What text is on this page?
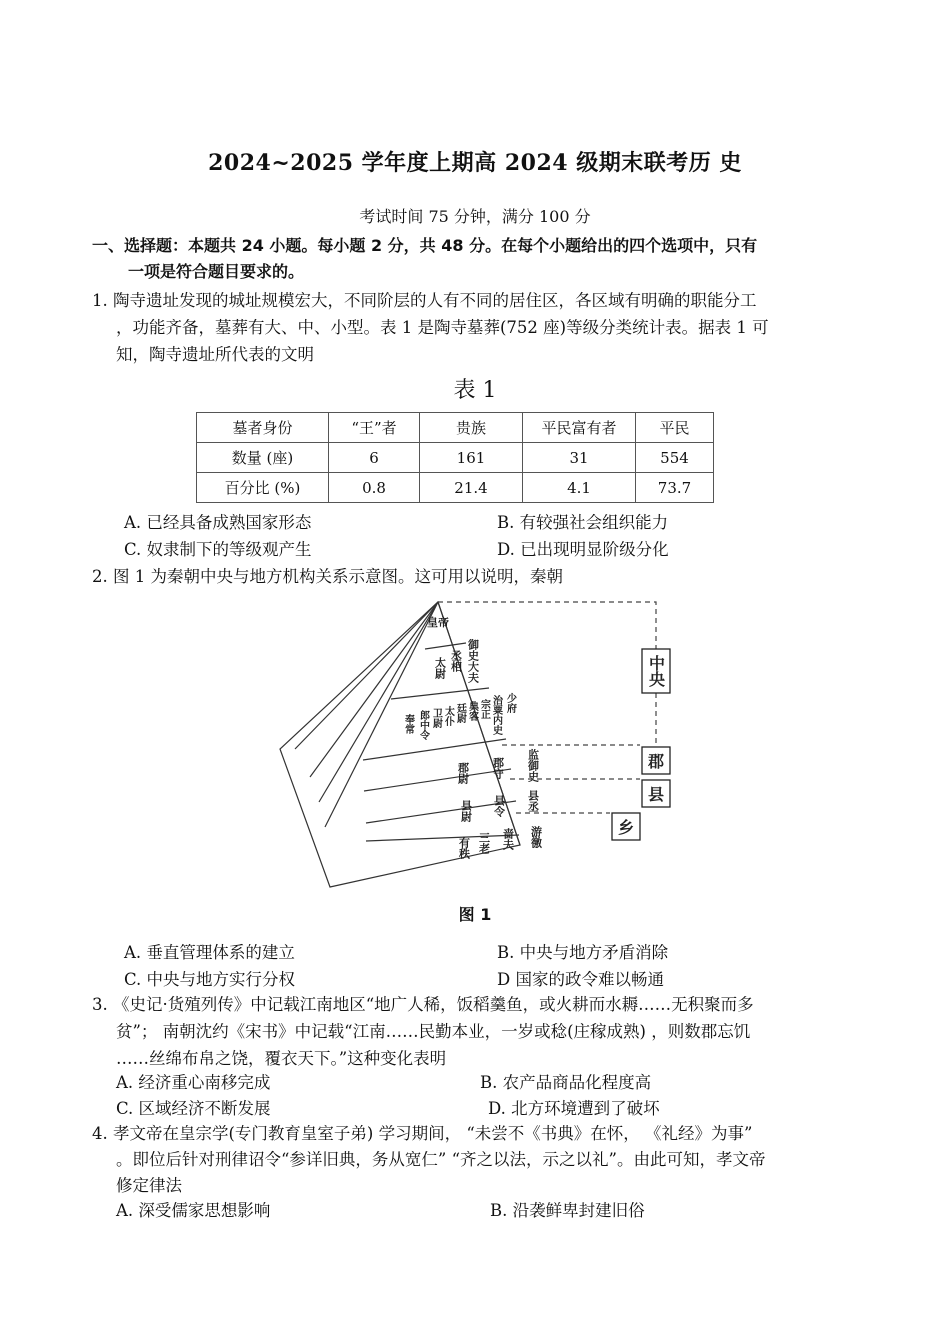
2024~2025 学年度上期高 2024 级期末联考历 史
考试时间 75 分钟，满分 100 分
一、选择题：本题共 24 小题。每小题 2 分，共 48 分。在每个小题给出的四个选项中，只有
一项是符合题目要求的。
1. 陶寺遗址发现的城址规模宏大，不同阶层的人有不同的居住区，各区域有明确的职能分工
，功能齐备，墓葬有大、中、小型。表 1 是陶寺墓葬(752 座)等级分类统计表。据表 1 可
知，陶寺遗址所代表的文明
表 1
墓者身份	“王”者	贵族	平民富有者	平民
数量 (座)	6	161	31	554
百分比 (%)	0.8	21.4	4.1	73.7
A. 已经具备成熟国家形态	B. 有较强社会组织能力
C. 奴隶制下的等级观产生	D. 已出现明显阶级分化
2. 图 1 为秦朝中央与地方机构关系示意图。这可用以说明，秦朝
皇帝
太尉 丞相 御史大夫
奉常 郎中令 卫尉 太仆 廷尉 典客 宗正 治粟内史 少府
郡尉 郡守 监御史
县尉 县令 县丞
有秩 三老 啬夫 游徼
中央
郡
县
乡
图 1
A. 垂直管理体系的建立	B. 中央与地方矛盾消除
C. 中央与地方实行分权	D 国家的政令难以畅通
3. 《史记·货殖列传》中记载江南地区“地广人稀，饭稻羹鱼，或火耕而水耨……无积聚而多
贫”； 南朝沈约《宋书》中记载“江南……民勤本业，一岁或稔(庄稼成熟) ，则数郡忘饥
……丝绵布帛之饶，覆衣天下。”这种变化表明
A. 经济重心南移完成	B. 农产品商品化程度高
C. 区域经济不断发展	D. 北方环境遭到了破坏
4. 孝文帝在皇宗学(专门教育皇室子弟) 学习期间， “未尝不《书典》在怀， 《礼经》为事”
。即位后针对刑律诏令“参详旧典，务从宽仁” “齐之以法，示之以礼”。由此可知，孝文帝
修定律法
A. 深受儒家思想影响	B. 沿袭鲜卑封建旧俗
